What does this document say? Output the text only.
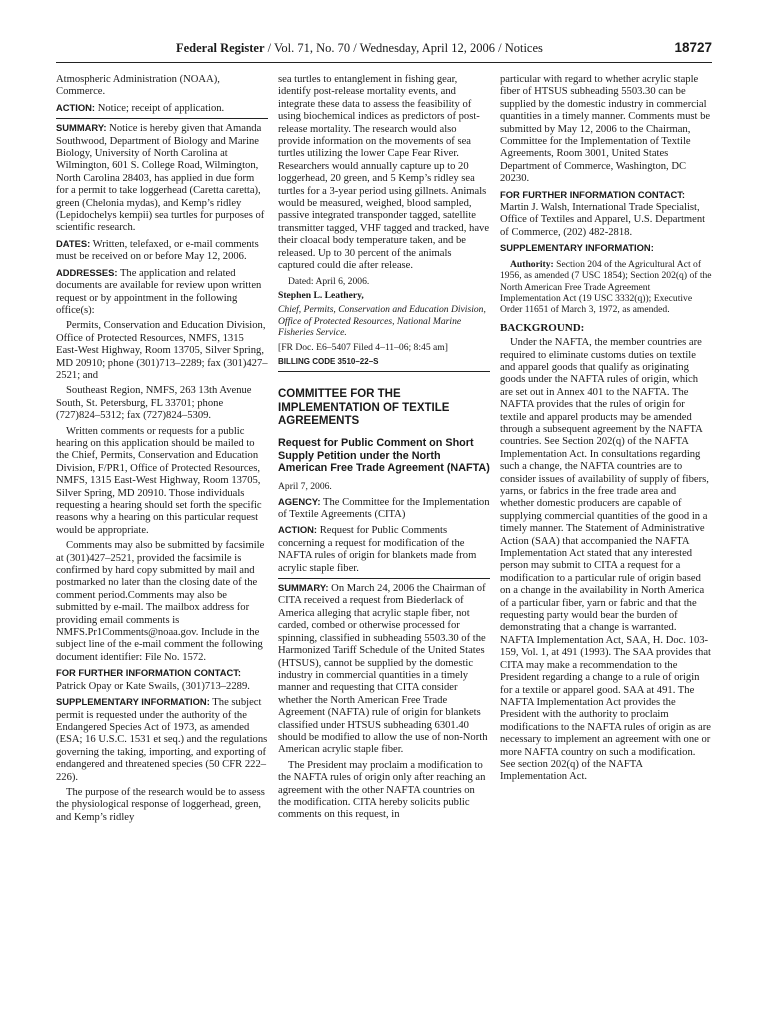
Federal Register / Vol. 71, No. 70 / Wednesday, April 12, 2006 / Notices	18727

Atmospheric Administration (NOAA), Commerce.

ACTION: Notice; receipt of application.

SUMMARY: Notice is hereby given that Amanda Southwood, Department of Biology and Marine Biology, University of North Carolina at Wilmington, 601 S. College Road, Wilmington, North Carolina 28403, has applied in due form for a permit to take loggerhead (Caretta caretta), green (Chelonia mydas), and Kemp’s ridley (Lepidochelys kempii) sea turtles for purposes of scientific research.

DATES: Written, telefaxed, or e-mail comments must be received on or before May 12, 2006.

ADDRESSES: The application and related documents are available for review upon written request or by appointment in the following office(s):

Permits, Conservation and Education Division, Office of Protected Resources, NMFS, 1315 East-West Highway, Room 13705, Silver Spring, MD 20910; phone (301)713–2289; fax (301)427–2521; and

Southeast Region, NMFS, 263 13th Avenue South, St. Petersburg, FL 33701; phone (727)824–5312; fax (727)824–5309.

Written comments or requests for a public hearing on this application should be mailed to the Chief, Permits, Conservation and Education Division, F/PR1, Office of Protected Resources, NMFS, 1315 East-West Highway, Room 13705, Silver Spring, MD 20910. Those individuals requesting a hearing should set forth the specific reasons why a hearing on this particular request would be appropriate.

Comments may also be submitted by facsimile at (301)427–2521, provided the facsimile is confirmed by hard copy submitted by mail and postmarked no later than the closing date of the comment period.Comments may also be submitted by e-mail. The mailbox address for providing email comments is NMFS.Pr1Comments@noaa.gov. Include in the subject line of the e-mail comment the following document identifier: File No. 1572.

FOR FURTHER INFORMATION CONTACT:
Patrick Opay or Kate Swails, (301)713–2289.

SUPPLEMENTARY INFORMATION: The subject permit is requested under the authority of the Endangered Species Act of 1973, as amended (ESA; 16 U.S.C. 1531 et seq.) and the regulations governing the taking, importing, and exporting of endangered and threatened species (50 CFR 222–226).

The purpose of the research would be to assess the physiological response of loggerhead, green, and Kemp’s ridley

sea turtles to entanglement in fishing gear, identify post-release mortality events, and integrate these data to assess the feasibility of using biochemical indices as predictors of post-release mortality. The research would also provide information on the movements of sea turtles utilizing the lower Cape Fear River. Researchers would annually capture up to 20 loggerhead, 20 green, and 5 Kemp’s ridley sea turtles for a 3-year period using gillnets. Animals would be measured, weighed, blood sampled, passive integrated transponder tagged, satellite transmitter tagged, VHF tagged and tracked, have their cloacal body temperature taken, and be released. Up to 30 percent of the animals captured could die after release.

Dated: April 6, 2006.

Stephen L. Leathery,

Chief, Permits, Conservation and Education Division, Office of Protected Resources, National Marine Fisheries Service.

[FR Doc. E6–5407 Filed 4–11–06; 8:45 am]

BILLING CODE 3510–22–S

COMMITTEE FOR THE IMPLEMENTATION OF TEXTILE AGREEMENTS
Request for Public Comment on Short Supply Petition under the North American Free Trade Agreement (NAFTA)

April 7, 2006.

AGENCY: The Committee for the Implementation of Textile Agreements (CITA)

ACTION: Request for Public Comments concerning a request for modification of the NAFTA rules of origin for blankets made from acrylic staple fiber.

SUMMARY: On March 24, 2006 the Chairman of CITA received a request from Biederlack of America alleging that acrylic staple fiber, not carded, combed or otherwise processed for spinning, classified in subheading 5503.30 of the Harmonized Tariff Schedule of the United States (HTSUS), cannot be supplied by the domestic industry in commercial quantities in a timely manner and requesting that CITA consider whether the North American Free Trade Agreement (NAFTA) rule of origin for blankets classified under HTSUS subheading 6301.40 should be modified to allow the use of non-North American acrylic staple fiber.

The President may proclaim a modification to the NAFTA rules of origin only after reaching an agreement with the other NAFTA countries on the modification. CITA hereby solicits public comments on this request, in

particular with regard to whether acrylic staple fiber of HTSUS subheading 5503.30 can be supplied by the domestic industry in commercial quantities in a timely manner. Comments must be submitted by May 12, 2006 to the Chairman, Committee for the Implementation of Textile Agreements, Room 3001, United States Department of Commerce, Washington, DC 20230.

FOR FURTHER INFORMATION CONTACT:
Martin J. Walsh, International Trade Specialist, Office of Textiles and Apparel, U.S. Department of Commerce, (202) 482-2818.

SUPPLEMENTARY INFORMATION:

Authority: Section 204 of the Agricultural Act of 1956, as amended (7 USC 1854); Section 202(q) of the North American Free Trade Agreement Implementation Act (19 USC 3332(q)); Executive Order 11651 of March 3, 1972, as amended.

BACKGROUND:

Under the NAFTA, the member countries are required to eliminate customs duties on textile and apparel goods that qualify as originating goods under the NAFTA rules of origin, which are set out in Annex 401 to the NAFTA. The NAFTA provides that the rules of origin for textile and apparel products may be amended through a subsequent agreement by the NAFTA countries. See Section 202(q) of the NAFTA Implementation Act. In consultations regarding such a change, the NAFTA countries are to consider issues of availability of supply of fibers, yarns, or fabrics in the free trade area and whether domestic producers are capable of supplying commercial quantities of the good in a timely manner. The Statement of Administrative Action (SAA) that accompanied the NAFTA Implementation Act stated that any interested person may submit to CITA a request for a modification to a particular rule of origin based on a change in the availability in North America of a particular fiber, yarn or fabric and that the requesting party would bear the burden of demonstrating that a change is warranted. NAFTA Implementation Act, SAA, H. Doc. 103-159, Vol. 1, at 491 (1993). The SAA provides that CITA may make a recommendation to the President regarding a change to a rule of origin for a textile or apparel good. SAA at 491. The NAFTA Implementation Act provides the President with the authority to proclaim modifications to the NAFTA rules of origin as are necessary to implement an agreement with one or more NAFTA country on such a modification. See section 202(q) of the NAFTA Implementation Act.
